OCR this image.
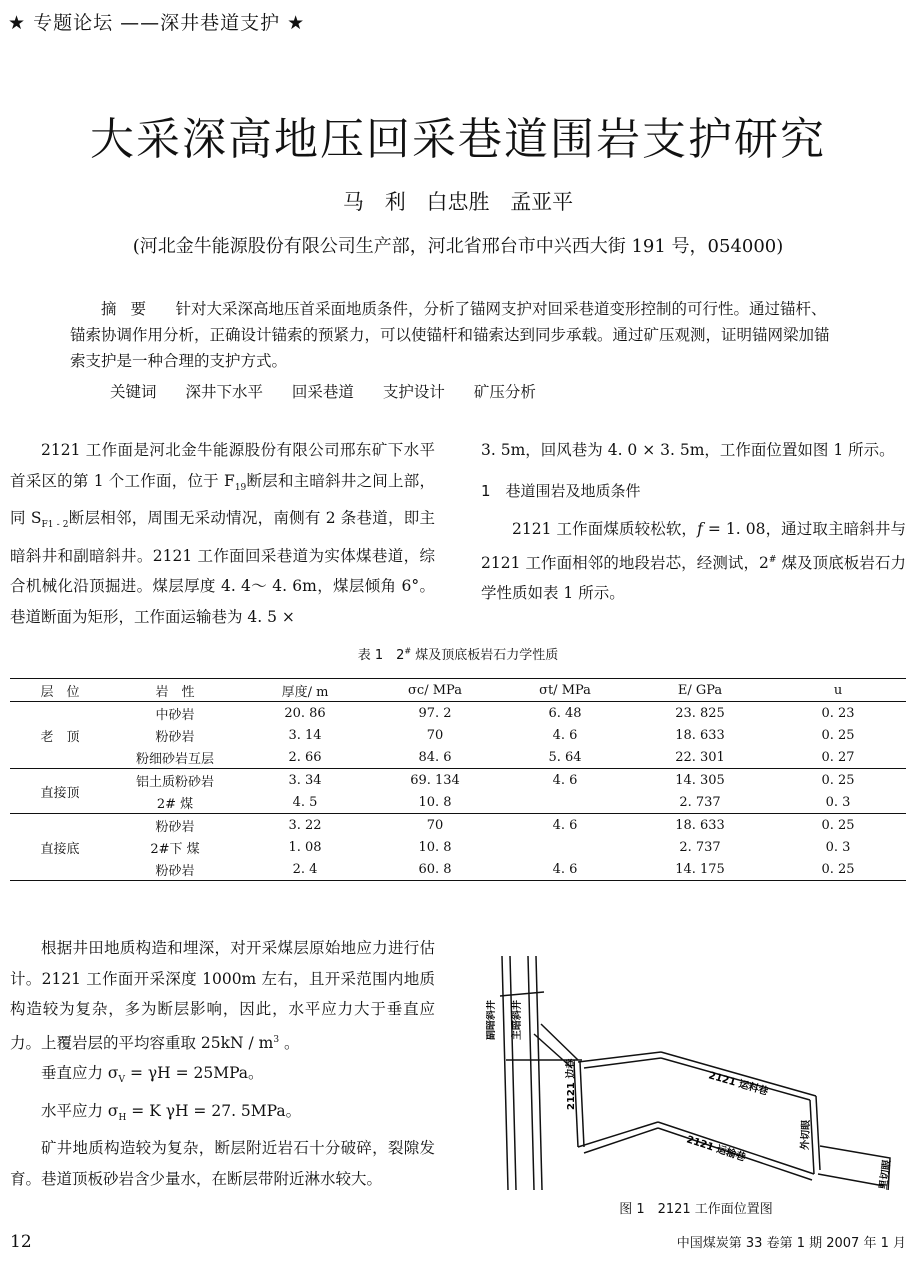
★ 专题论坛 ——深井巷道支护 ★
大采深高地压回采巷道围岩支护研究
马　利 白忠胜 孟亚平
(河北金牛能源股份有限公司生产部，河北省邢台市中兴西大街 191 号，054000)

摘要　 针对大采深高地压首采面地质条件，分析了锚网支护对回采巷道变形控制的可行性。通过锚杆、锚索协调作用分析，正确设计锚索的预紧力，可以使锚杆和锚索达到同步承载。通过矿压观测，证明锚网梁加锚索支护是一种合理的支护方式。

关键词 深井下水平 回采巷道 支护设计 矿压分析

2121 工作面是河北金牛能源股份有限公司邢东矿下水平首采区的第 1 个工作面，位于 $F_{19}$断层和主暗斜井之间上部，同 $S_{F1 - 2}$断层相邻，周围无采动情况，南侧有 2 条巷道，即主暗斜井和副暗斜井。2121 工作面回采巷道为实体煤巷道，综合机械化沿顶掘进。煤层厚度 4. 4～ 4. 6m，煤层倾角 6°。巷道断面为矩形，工作面运输巷为 4. 5 ×

3. 5m，回风巷为 4. 0 × 3. 5m，工作面位置如图 1 所示。

1　巷道围岩及地质条件

2121 工作面煤质较松软，f = 1. 08，通过取主暗斜井与 2121 工作面相邻的地段岩芯，经测试，2# 煤及顶底板岩石力学性质如表 1 所示。

表 1　2# 煤及顶底板岩石力学性质
层　位	岩　性	厚度/ m	σc/ MPa	σt/ MPa	E/ GPa	u
老　顶	中砂岩	20. 86	97. 2	6. 48	23. 825	0. 23
	粉砂岩	3. 14	70	4. 6	18. 633	0. 25
	粉细砂岩互层	2. 66	84. 6	5. 64	22. 301	0. 27
直接顶	铝土质粉砂岩	3. 34	69. 134	4. 6	14. 305	0. 25
	2# 煤	4. 5	10. 8		2. 737	0. 3
直接底	粉砂岩	3. 22	70	4. 6	18. 633	0. 25
	2#下 煤	1. 08	10. 8		2. 737	0. 3
	粉砂岩	2. 4	60. 8	4. 6	14. 175	0. 25

根据井田地质构造和埋深，对开采煤层原始地应力进行估计。2121 工作面开采深度 1000m 左右，且开采范围内地质构造较为复杂，多为断层影响，因此，水平应力大于垂直应力。上覆岩层的平均容重取 $25kN / m^3$ 。

垂直应力 $\sigma_V = \gamma H = 25MPa$。

水平应力 $\sigma_H = K$ γH = 27. 5MPa。

矿井地质构造较为复杂，断层附近岩石十分破碎，裂隙发育。巷道顶板砂岩含少量水，在断层带附近淋水较大。

副暗斜井 主暗斜井
2121 边巷	2121 运料巷
2121 运输巷	外切眼
里切眼
图 1　2121 工作面位置图
12	中国煤炭第 33 卷第 1 期 2007 年 1 月
